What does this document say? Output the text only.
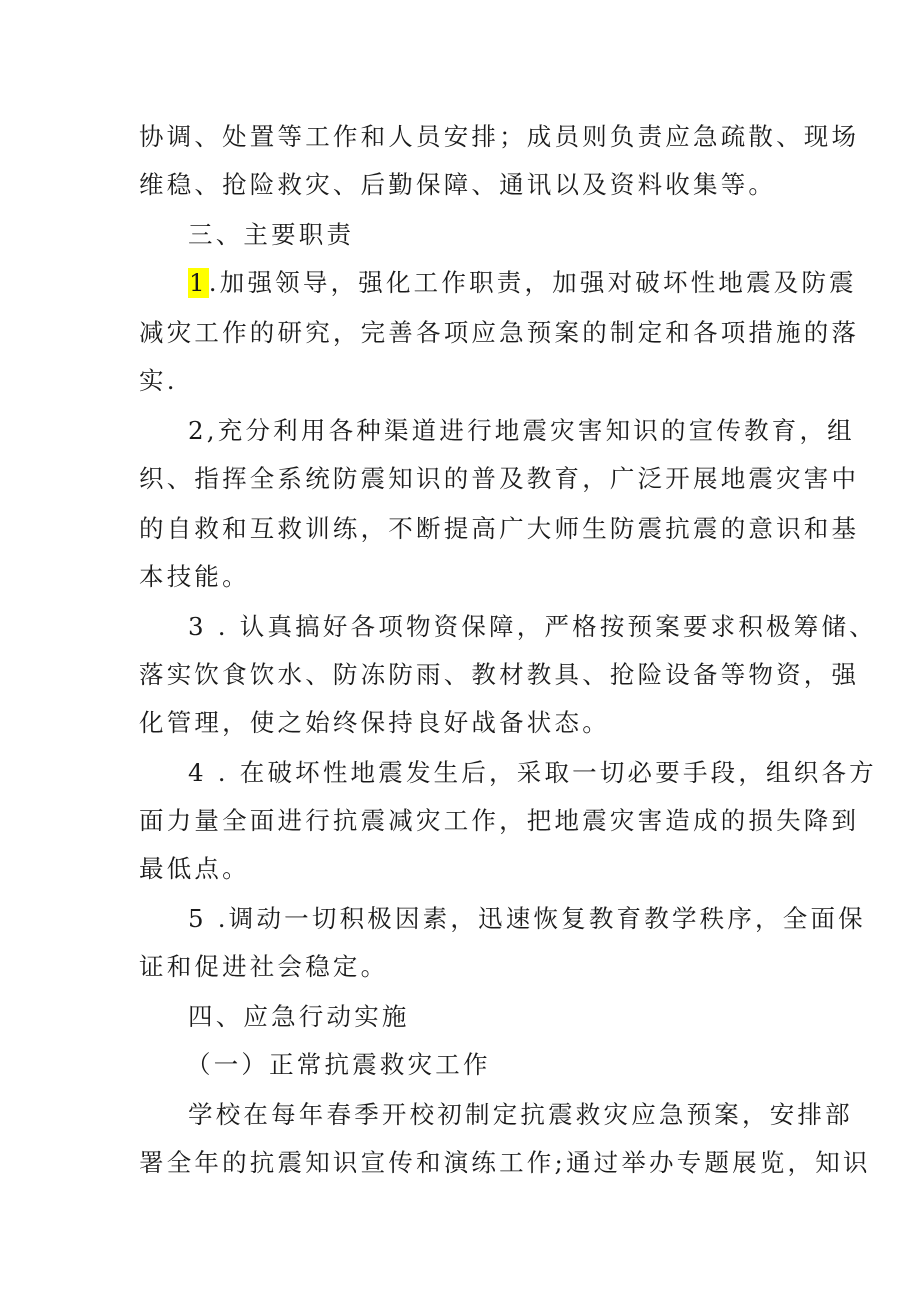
协调、处置等工作和人员安排；成员则负责应急疏散、现场
维稳、抢险救灾、后勤保障、通讯以及资料收集等。
三、主要职责
1.加强领导，强化工作职责，加强对破坏性地震及防震
减灾工作的研究，完善各项应急预案的制定和各项措施的落
实.
2,充分利用各种渠道进行地震灾害知识的宣传教育，组
织、指挥全系统防震知识的普及教育，广泛开展地震灾害中
的自救和互救训练，不断提高广大师生防震抗震的意识和基
本技能。
3 . 认真搞好各项物资保障，严格按预案要求积极筹储、
落实饮食饮水、防冻防雨、教材教具、抢险设备等物资，强
化管理，使之始终保持良好战备状态。
4 . 在破坏性地震发生后，采取一切必要手段，组织各方
面力量全面进行抗震减灾工作，把地震灾害造成的损失降到
最低点。
5 .调动一切积极因素，迅速恢复教育教学秩序，全面保
证和促进社会稳定。
四、应急行动实施
（一）正常抗震救灾工作
学校在每年春季开校初制定抗震救灾应急预案，安排部
署全年的抗震知识宣传和演练工作;通过举办专题展览，知识
